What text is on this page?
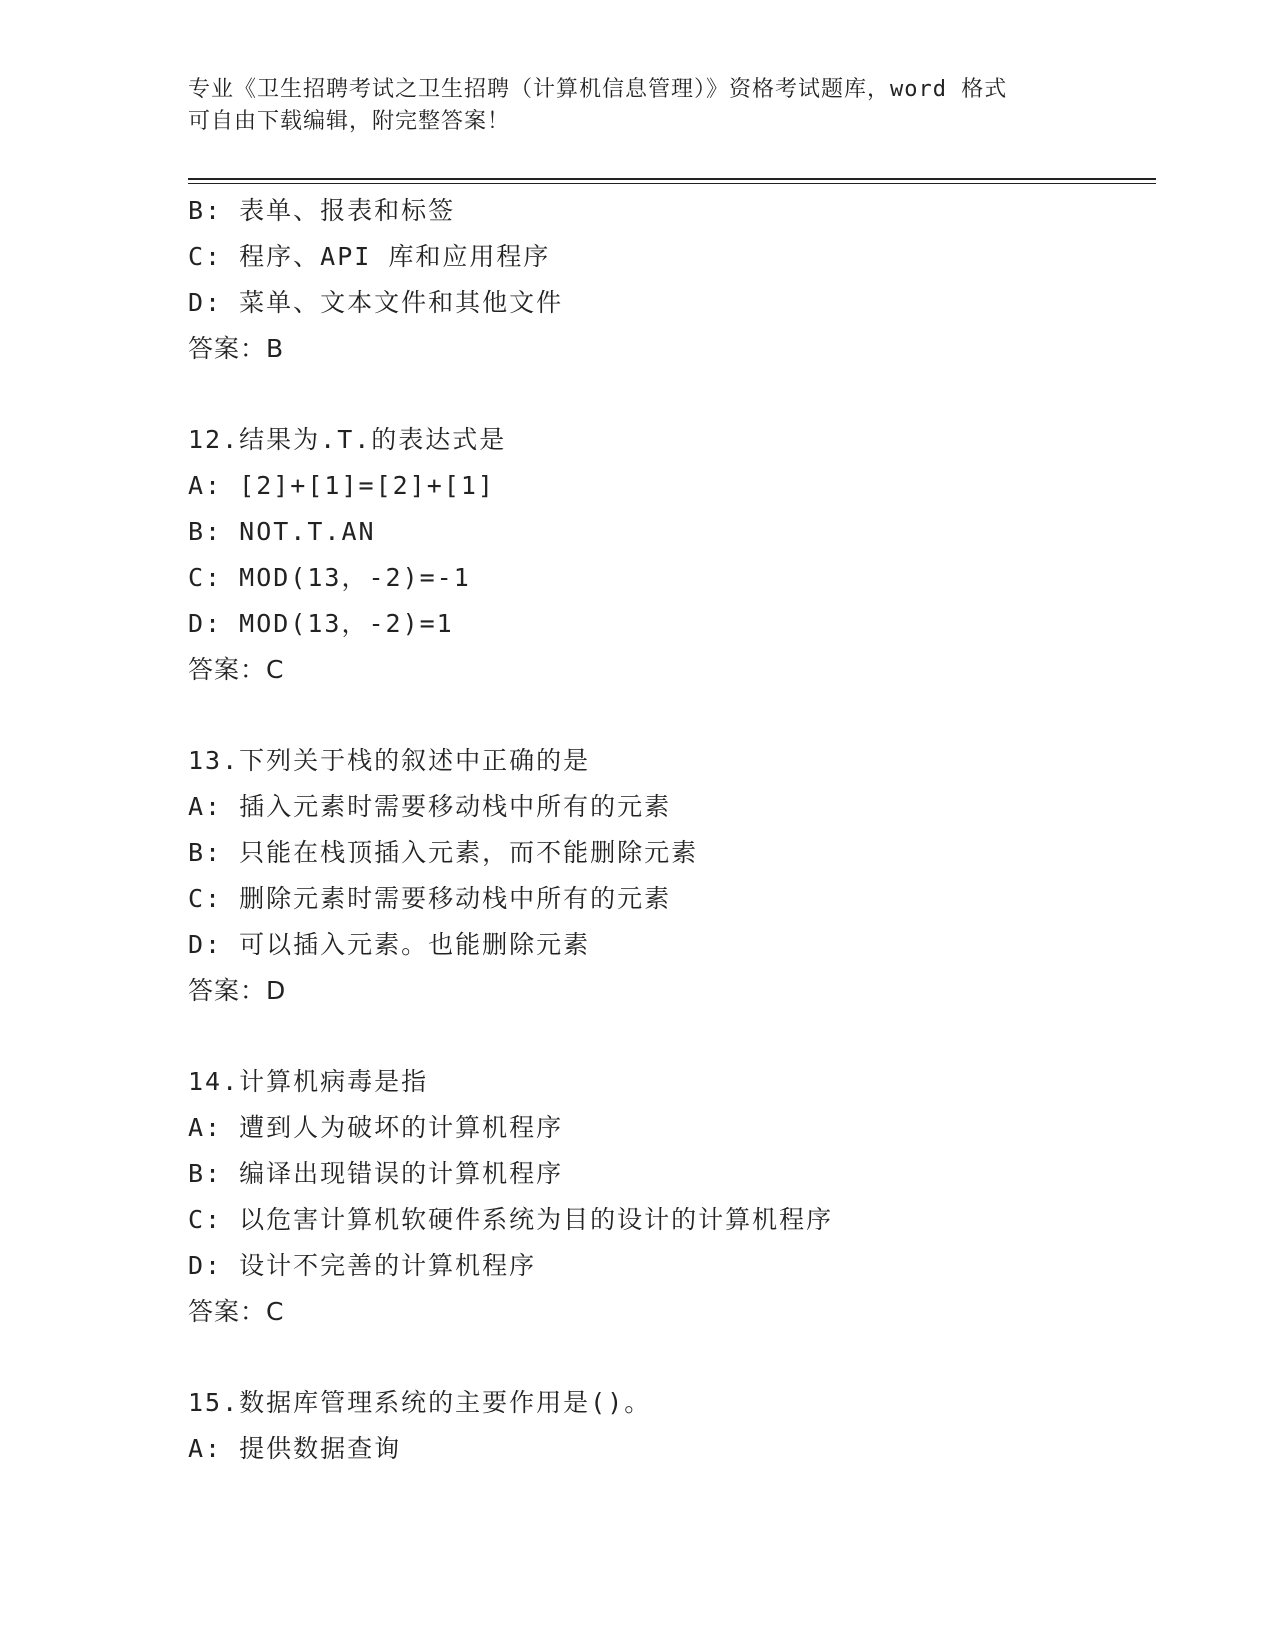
专业《卫生招聘考试之卫生招聘（计算机信息管理）》资格考试题库，word 格式
可自由下载编辑，附完整答案！
B: 表单、报表和标签
C: 程序、API 库和应用程序
D: 菜单、文本文件和其他文件
答案：B
12.结果为.T.的表达式是
A: [2]+[1]=[2]+[1]
B: NOT.T.AN
C: MOD(13，-2)=-1
D: MOD(13，-2)=1
答案：C
13.下列关于栈的叙述中正确的是
A: 插入元素时需要移动栈中所有的元素
B: 只能在栈顶插入元素，而不能删除元素
C: 删除元素时需要移动栈中所有的元素
D: 可以插入元素。也能删除元素
答案：D
14.计算机病毒是指
A: 遭到人为破坏的计算机程序
B: 编译出现错误的计算机程序
C: 以危害计算机软硬件系统为目的设计的计算机程序
D: 设计不完善的计算机程序
答案：C
15.数据库管理系统的主要作用是()。
A: 提供数据查询
